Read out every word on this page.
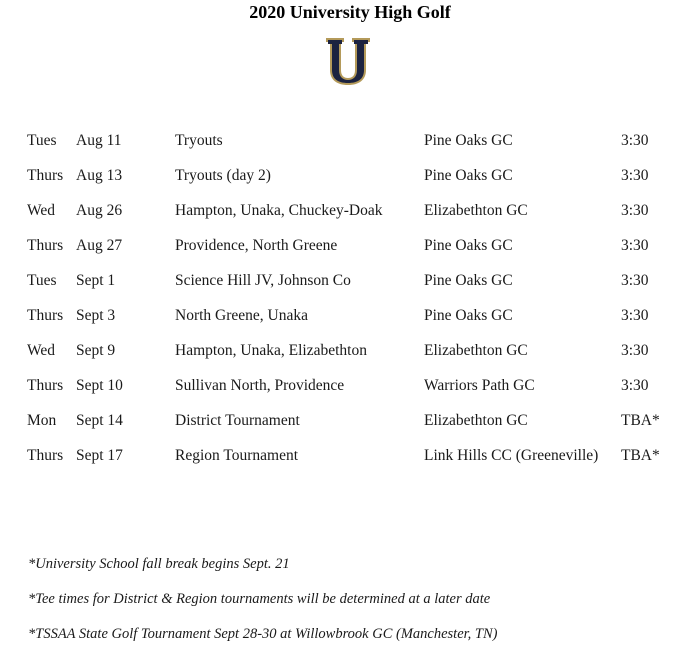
2020 University High Golf
Tues Aug 11	Tryouts	Pine Oaks GC	3:30
Thurs Aug 13	Tryouts (day 2)	Pine Oaks GC	3:30
Wed Aug 26	Hampton, Unaka, Chuckey-Doak	Elizabethton GC	3:30
Thurs Aug 27	Providence, North Greene	Pine Oaks GC	3:30
Tues Sept 1	Science Hill JV, Johnson Co	Pine Oaks GC	3:30
Thurs Sept 3	North Greene, Unaka	Pine Oaks GC	3:30
Wed Sept 9	Hampton, Unaka, Elizabethton	Elizabethton GC	3:30
Thurs Sept 10	Sullivan North, Providence	Warriors Path GC	3:30
Mon Sept 14	District Tournament	Elizabethton GC	TBA*
Thurs Sept 17	Region Tournament	Link Hills CC (Greeneville) TBA*
*University School fall break begins Sept. 21
*Tee times for District & Region tournaments will be determined at a later date
*TSSAA State Golf Tournament Sept 28-30 at Willowbrook GC (Manchester, TN)
